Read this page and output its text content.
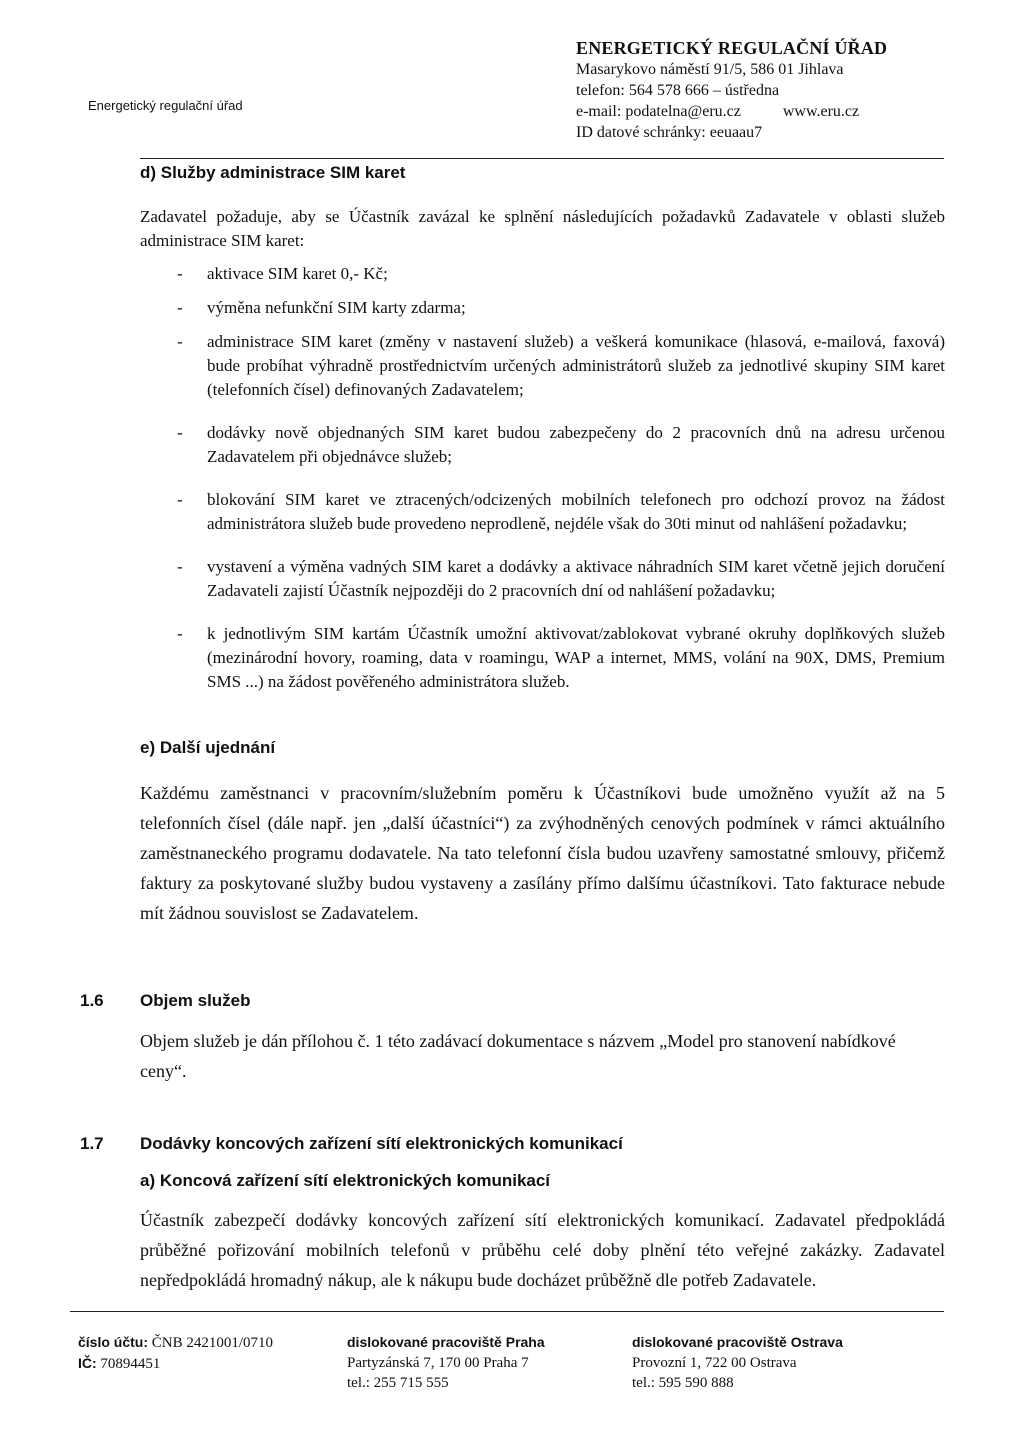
Energetický regulační úřad
ENERGETICKÝ REGULAČNÍ ÚŘAD
Masarykovo náměstí 91/5, 586 01 Jihlava
telefon: 564 578 666 – ústředna
e-mail: podatelna@eru.cz	www.eru.cz
ID datové schránky: eeuaau7
d) Služby administrace SIM karet
Zadavatel požaduje, aby se Účastník zavázal ke splnění následujících požadavků Zadavatele v oblasti služeb administrace SIM karet:
- aktivace SIM karet 0,- Kč;
- výměna nefunkční SIM karty zdarma;
- administrace SIM karet (změny v nastavení služeb) a veškerá komunikace (hlasová, e-mailová, faxová) bude probíhat výhradně prostřednictvím určených administrátorů služeb za jednotlivé skupiny SIM karet (telefonních čísel) definovaných Zadavatelem;
- dodávky nově objednaných SIM karet budou zabezpečeny do 2 pracovních dnů na adresu určenou Zadavatelem při objednávce služeb;
- blokování SIM karet ve ztracených/odcizených mobilních telefonech pro odchozí provoz na žádost administrátora služeb bude provedeno neprodleně, nejdéle však do 30ti minut od nahlášení požadavku;
- vystavení a výměna vadných SIM karet a dodávky a aktivace náhradních SIM karet včetně jejich doručení Zadavateli zajistí Účastník nejpozději do 2 pracovních dní od nahlášení požadavku;
- k jednotlivým SIM kartám Účastník umožní aktivovat/zablokovat vybrané okruhy doplňkových služeb (mezinárodní hovory, roaming, data v roamingu, WAP a internet, MMS, volání na 90X, DMS, Premium SMS ...) na žádost pověřeného administrátora služeb.
e) Další ujednání
Každému zaměstnanci v pracovním/služebním poměru k Účastníkovi bude umožněno využít až na 5 telefonních čísel (dále např. jen „další účastníci“) za zvýhodněných cenových podmínek v rámci aktuálního zaměstnaneckého programu dodavatele. Na tato telefonní čísla budou uzavřeny samostatné smlouvy, přičemž faktury za poskytované služby budou vystaveny a zasílány přímo dalšímu účastníkovi. Tato fakturace nebude mít žádnou souvislost se Zadavatelem.
1.6 Objem služeb
Objem služeb je dán přílohou č. 1 této zadávací dokumentace s názvem „Model pro stanovení nabídkové ceny“.
1.7 Dodávky koncových zařízení sítí elektronických komunikací
a) Koncová zařízení sítí elektronických komunikací
Účastník zabezpečí dodávky koncových zařízení sítí elektronických komunikací. Zadavatel předpokládá průběžné pořizování mobilních telefonů v průběhu celé doby plnění této veřejné zakázky. Zadavatel nepředpokládá hromadný nákup, ale k nákupu bude docházet průběžně dle potřeb Zadavatele.
číslo účtu: ČNB 2421001/0710
IČ: 70894451
dislokované pracoviště Praha
Partyzánská 7, 170 00 Praha 7
tel.: 255 715 555
dislokované pracoviště Ostrava
Provozní 1, 722 00 Ostrava
tel.: 595 590 888
